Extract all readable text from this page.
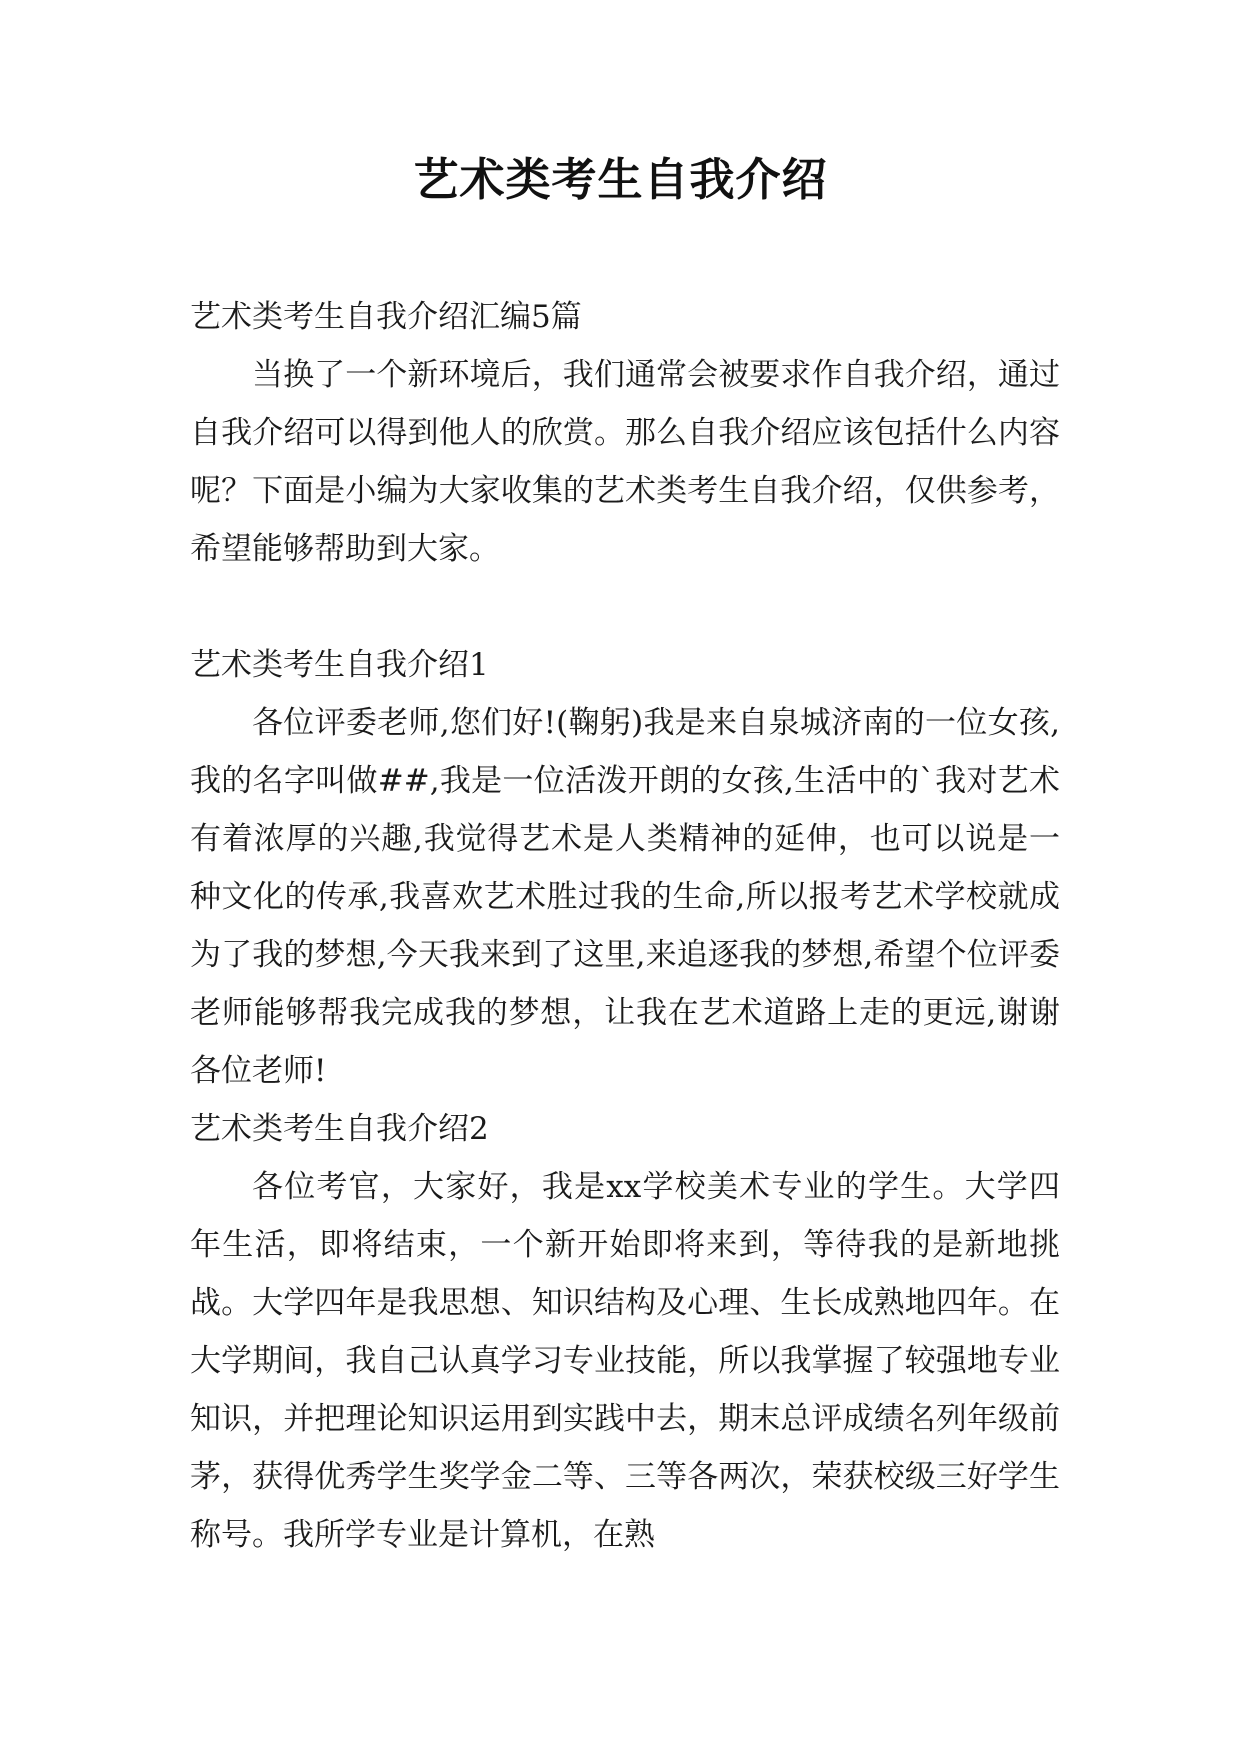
艺术类考生自我介绍

艺术类考生自我介绍汇编5篇

当换了一个新环境后，我们通常会被要求作自我介绍，通过自我介绍可以得到他人的欣赏。那么自我介绍应该包括什么内容呢？下面是小编为大家收集的艺术类考生自我介绍，仅供参考，希望能够帮助到大家。

艺术类考生自我介绍1

各位评委老师,您们好!(鞠躬)我是来自泉城济南的一位女孩,我的名字叫做##,我是一位活泼开朗的女孩,生活中的`我对艺术有着浓厚的兴趣,我觉得艺术是人类精神的延伸，也可以说是一种文化的传承,我喜欢艺术胜过我的生命,所以报考艺术学校就成为了我的梦想,今天我来到了这里,来追逐我的梦想,希望个位评委老师能够帮我完成我的梦想，让我在艺术道路上走的更远,谢谢各位老师!

艺术类考生自我介绍2

各位考官，大家好，我是xx学校美术专业的学生。大学四年生活，即将结束，一个新开始即将来到，等待我的是新地挑战。大学四年是我思想、知识结构及心理、生长成熟地四年。在大学期间，我自己认真学习专业技能，所以我掌握了较强地专业知识，并把理论知识运用到实践中去，期末总评成绩名列年级前茅，获得优秀学生奖学金二等、三等各两次，荣获校级三好学生称号。我所学专业是计算机，在熟
